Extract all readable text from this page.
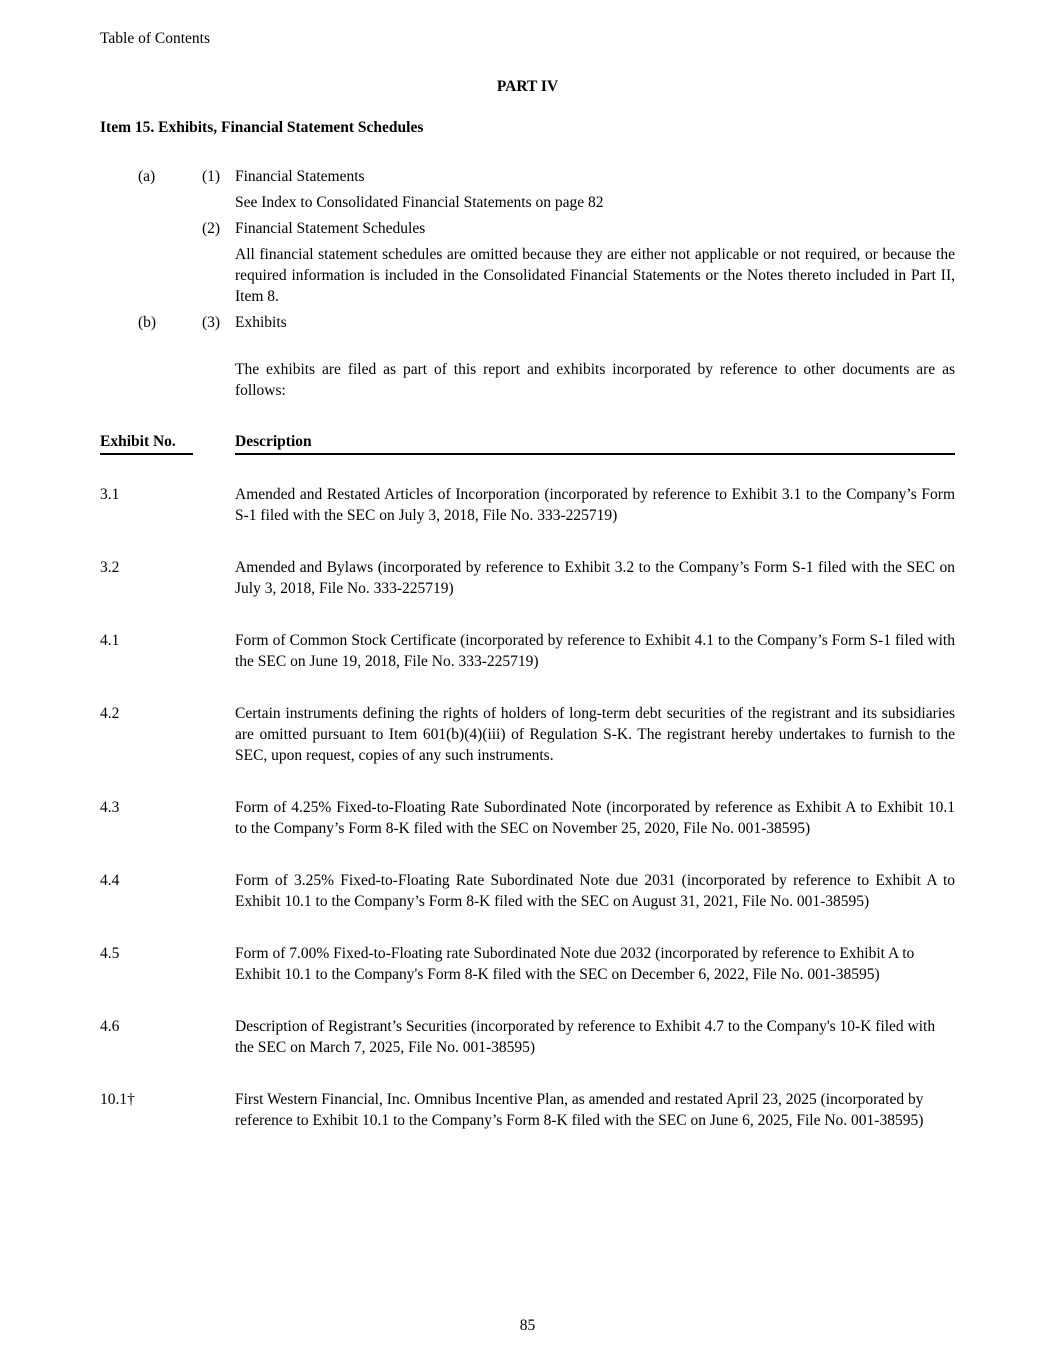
Table of Contents
PART IV
Item 15. Exhibits, Financial Statement Schedules
(a)	(1) Financial Statements
See Index to Consolidated Financial Statements on page 82
(2) Financial Statement Schedules
All financial statement schedules are omitted because they are either not applicable or not required, or because the required information is included in the Consolidated Financial Statements or the Notes thereto included in Part II, Item 8.
(b)	(3) Exhibits
The exhibits are filed as part of this report and exhibits incorporated by reference to other documents are as follows:
Exhibit No.	Description
3.1	Amended and Restated Articles of Incorporation (incorporated by reference to Exhibit 3.1 to the Company’s Form S-1 filed with the SEC on July 3, 2018, File No. 333-225719)
3.2	Amended and Bylaws (incorporated by reference to Exhibit 3.2 to the Company’s Form S-1 filed with the SEC on July 3, 2018, File No. 333-225719)
4.1	Form of Common Stock Certificate (incorporated by reference to Exhibit 4.1 to the Company’s Form S-1 filed with the SEC on June 19, 2018, File No. 333-225719)
4.2	Certain instruments defining the rights of holders of long-term debt securities of the registrant and its subsidiaries are omitted pursuant to Item 601(b)(4)(iii) of Regulation S-K. The registrant hereby undertakes to furnish to the SEC, upon request, copies of any such instruments.
4.3	Form of 4.25% Fixed-to-Floating Rate Subordinated Note (incorporated by reference as Exhibit A to Exhibit 10.1 to the Company’s Form 8-K filed with the SEC on November 25, 2020, File No. 001-38595)
4.4	Form of 3.25% Fixed-to-Floating Rate Subordinated Note due 2031 (incorporated by reference to Exhibit A to Exhibit 10.1 to the Company’s Form 8-K filed with the SEC on August 31, 2021, File No. 001-38595)
4.5	Form of 7.00% Fixed-to-Floating rate Subordinated Note due 2032 (incorporated by reference to Exhibit A to Exhibit 10.1 to the Company's Form 8-K filed with the SEC on December 6, 2022, File No. 001-38595)
4.6	Description of Registrant’s Securities (incorporated by reference to Exhibit 4.7 to the Company's 10-K filed with the SEC on March 7, 2025, File No. 001-38595)
10.1†	First Western Financial, Inc. Omnibus Incentive Plan, as amended and restated April 23, 2025 (incorporated by reference to Exhibit 10.1 to the Company’s Form 8-K filed with the SEC on June 6, 2025, File No. 001-38595)
85
